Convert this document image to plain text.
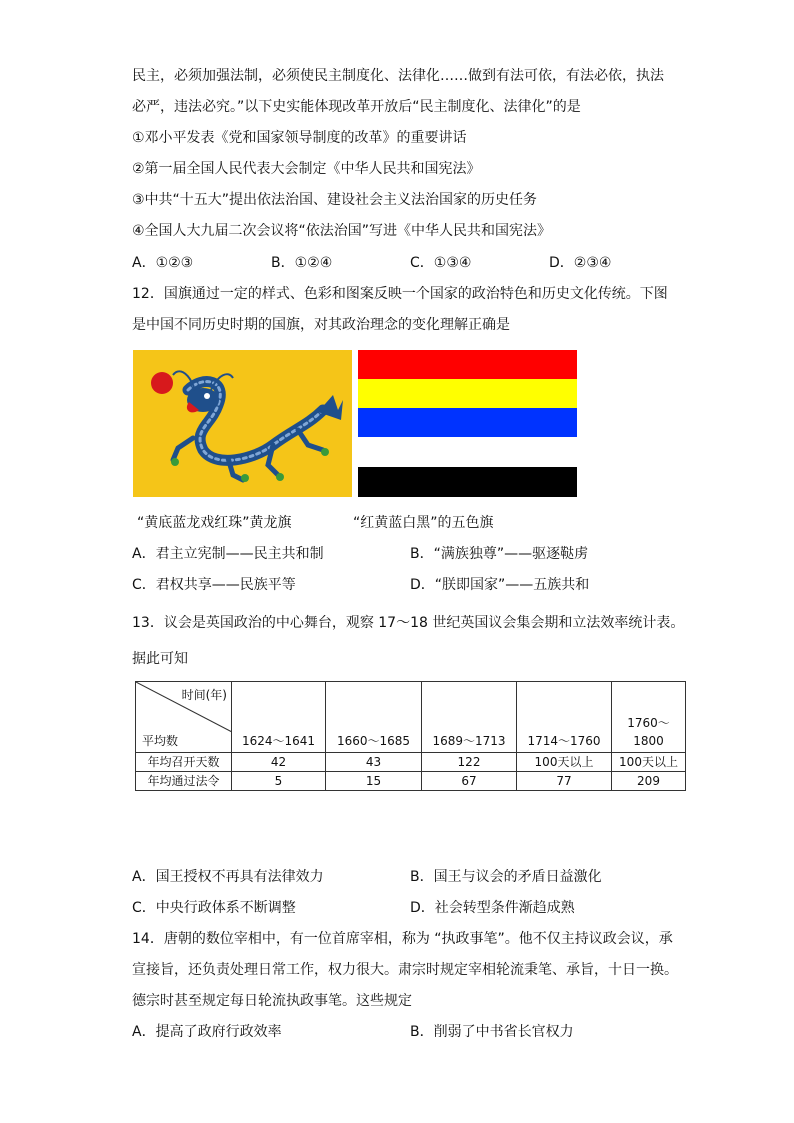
民主，必须加强法制，必须使民主制度化、法律化……做到有法可依，有法必依，执法
必严，违法必究。”以下史实能体现改革开放后“民主制度化、法律化”的是
①邓小平发表《党和国家领导制度的改革》的重要讲话
②第一届全国人民代表大会制定《中华人民共和国宪法》
③中共“十五大”提出依法治国、建设社会主义法治国家的历史任务
④全国人大九届二次会议将“依法治国”写进《中华人民共和国宪法》
A．①②③	B．①②④	C．①③④	D．②③④
12．国旗通过一定的样式、色彩和图案反映一个国家的政治特色和历史文化传统。下图
是中国不同历史时期的国旗，对其政治理念的变化理解正确是
“黄底蓝龙戏红珠”黄龙旗	“红黄蓝白黑”的五色旗
A．君主立宪制——民主共和制	B．“满族独尊”——驱逐鞑虏
C．君权共享——民族平等	D．“朕即国家”——五族共和
13．议会是英国政治的中心舞台，观察 17～18 世纪英国议会集会期和立法效率统计表。
据此可知
时间(年)
平均数	1624～1641	1660～1685	1689～1713	1714～1760	1760～1800
年均召开天数	42	43	122	100天以上	100天以上
年均通过法令	5	15	67	77	209
A．国王授权不再具有法律效力	B．国王与议会的矛盾日益激化
C．中央行政体系不断调整	D．社会转型条件渐趋成熟
14．唐朝的数位宰相中，有一位首席宰相，称为 “执政事笔”。他不仅主持议政会议，承
宣接旨，还负责处理日常工作，权力很大。肃宗时规定宰相轮流秉笔、承旨，十日一换。
德宗时甚至规定每日轮流执政事笔。这些规定
A．提高了政府行政效率	B．削弱了中书省长官权力
